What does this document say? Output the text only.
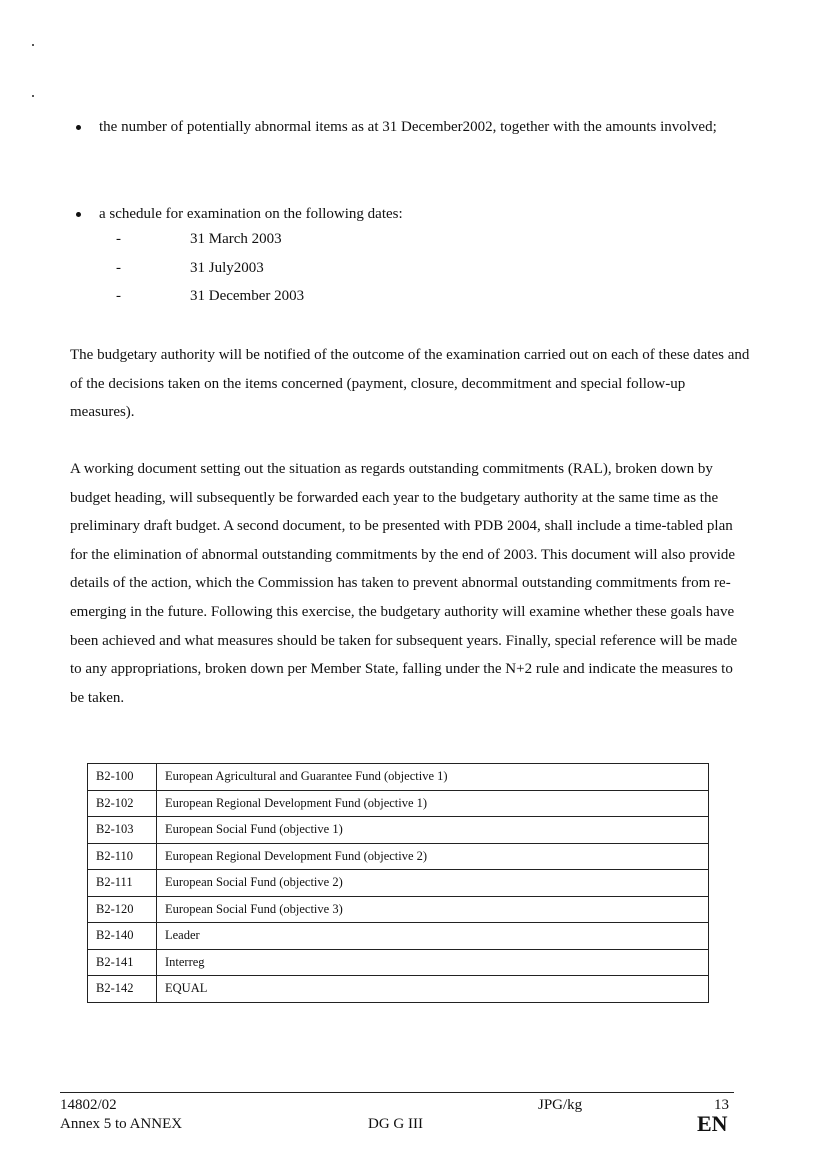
the number of potentially abnormal items as at 31 December2002, together with the amounts involved;
a schedule for examination on the following dates:
-	31 March 2003
-	31 July2003
-	31 December 2003

The budgetary authority will be notified of the outcome of the examination carried out on each of these dates and of the decisions taken on the items concerned (payment, closure, decommitment and special follow-up measures).

A working document setting out the situation as regards outstanding commitments (RAL), broken down by budget heading, will subsequently be forwarded each year to the budgetary authority at the same time as the preliminary draft budget. A second document, to be presented with PDB 2004, shall include a time-tabled plan for the elimination of abnormal outstanding commitments by the end of 2003. This document will also provide details of the action, which the Commission has taken to prevent abnormal outstanding commitments from re-emerging in the future. Following this exercise, the budgetary authority will examine whether these goals have been achieved and what measures should be taken for subsequent years. Finally, special reference will be made to any appropriations, broken down per Member State, falling under the N+2 rule and indicate the measures to be taken.

B2-100	European Agricultural and Guarantee Fund (objective 1)
B2-102	European Regional Development Fund (objective 1)
B2-103	European Social Fund (objective 1)
B2-110	European Regional Development Fund (objective 2)
B2-111	European Social Fund (objective 2)
B2-120	European Social Fund (objective 3)
B2-140	Leader
B2-141	Interreg
B2-142	EQUAL
14802/02
Annex 5 to ANNEX
JPG/kg	13
DG G III	EN
